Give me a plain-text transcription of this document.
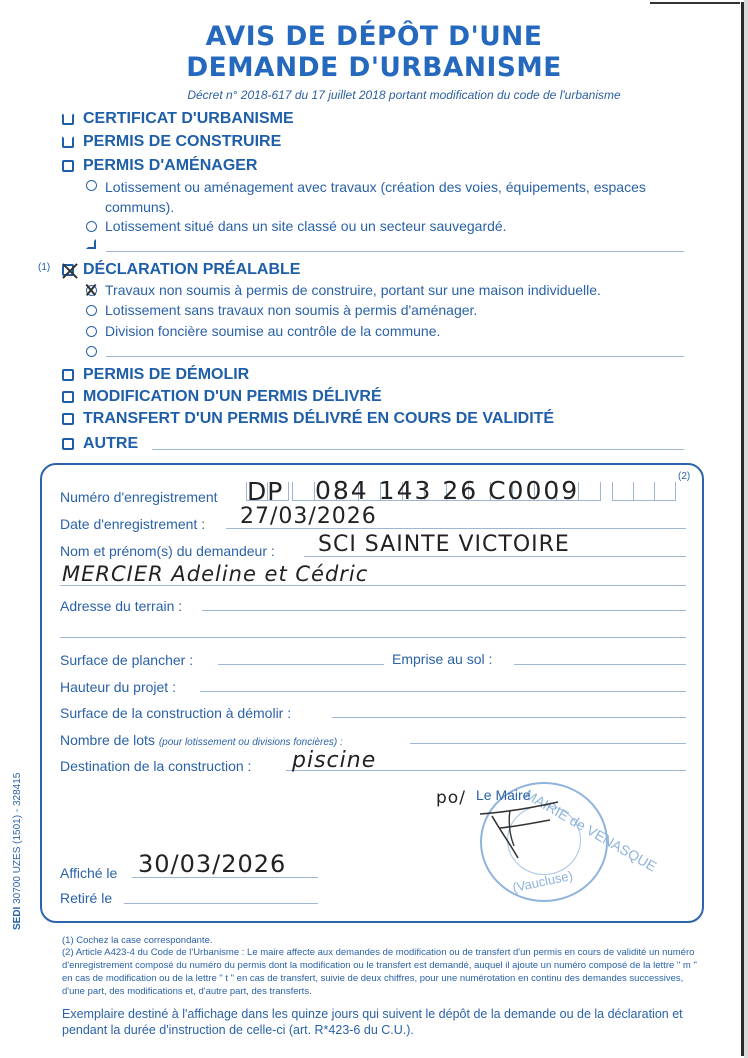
AVIS DE DÉPÔT D'UNE
DEMANDE D'URBANISME
Décret n° 2018-617 du 17 juillet 2018 portant modification du code de l'urbanisme
CERTIFICAT D'URBANISME
PERMIS DE CONSTRUIRE
PERMIS D'AMÉNAGER
Lotissement ou aménagement avec travaux (création des voies, équipements, espaces communs).
Lotissement situé dans un site classé ou un secteur sauvegardé.
(1) DÉCLARATION PRÉALABLE
Travaux non soumis à permis de construire, portant sur une maison individuelle.
Lotissement sans travaux non soumis à permis d'aménager.
Division foncière soumise au contrôle de la commune.
PERMIS DE DÉMOLIR
MODIFICATION D'UN PERMIS DÉLIVRÉ
TRANSFERT D'UN PERMIS DÉLIVRÉ EN COURS DE VALIDITÉ
AUTRE
Numéro d'enregistrement
(2)
DP 084 143 26 C0009
Date d'enregistrement : 27/03/2026
Nom et prénom(s) du demandeur : SCI SAINTE VICTOIRE
MERCIER Adeline et Cédric
Adresse du terrain :
Surface de plancher :	Emprise au sol :
Hauteur du projet :
Surface de la construction à démolir :
Nombre de lots (pour lotissement ou divisions foncières) :
Destination de la construction : piscine
MAIRIE de VENASQUE
(Vaucluse)
po/ Le Maire
Affiché le 30/03/2026
Retiré le
(1) Cochez la case correspondante.
(2) Article A423-4 du Code de l'Urbanisme : Le maire affecte aux demandes de modification ou de transfert d'un permis en cours de validité un numéro d'enregistrement composé du numéro du permis dont la modification ou le transfert est demandé, auquel il ajoute un numéro composé de la lettre " m " en cas de modification ou de la lettre " t " en cas de transfert, suivie de deux chiffres, pour une numérotation en continu des demandes successives, d'une part, des modifications et, d'autre part, des transferts.
Exemplaire destiné à l'affichage dans les quinze jours qui suivent le dépôt de la demande ou de la déclaration et pendant la durée d'instruction de celle-ci (art. R*423-6 du C.U.).
SEDI 30700 UZES (1501) - 328415
